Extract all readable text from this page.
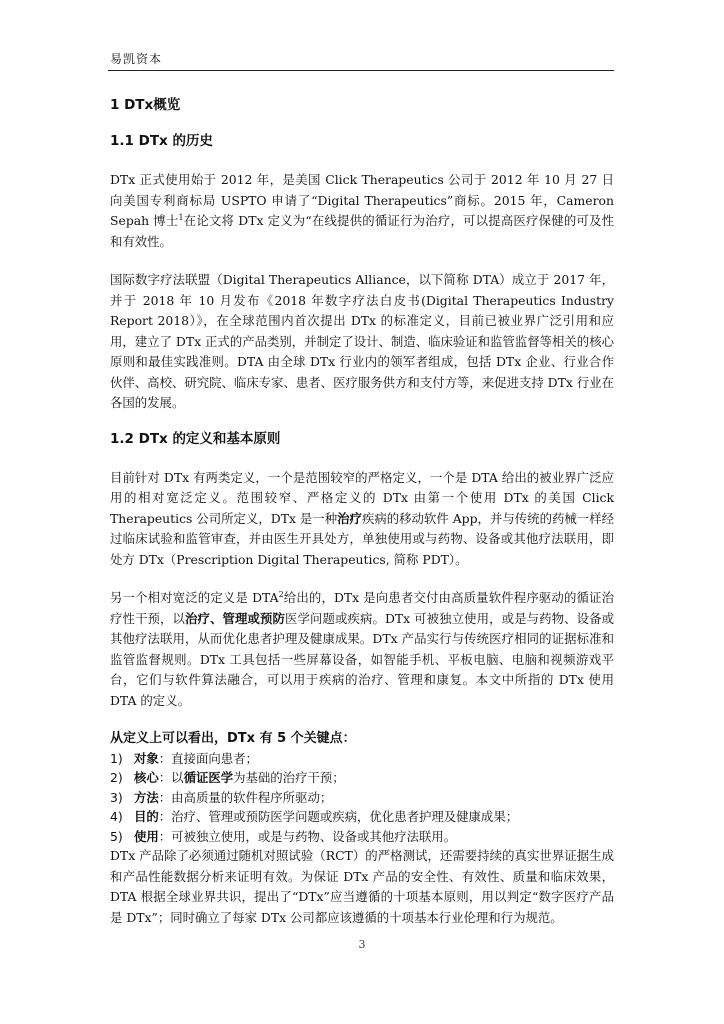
易凯资本
1 DTx概览
1.1 DTx 的历史

DTx 正式使用始于 2012 年，是美国 Click Therapeutics 公司于 2012 年 10 月 27 日向美国专利商标局 USPTO 申请了“Digital Therapeutics”商标。2015 年，Cameron Sepah 博士$^1$在论文将 DTx 定义为“在线提供的循证行为治疗，可以提高医疗保健的可及性和有效性。

国际数字疗法联盟（Digital Therapeutics Alliance，以下简称 DTA）成立于 2017 年，并于 2018 年 10 月发布《2018 年数字疗法白皮书(Digital Therapeutics Industry Report 2018）》，在全球范围内首次提出 DTx 的标准定义，目前已被业界广泛引用和应用，建立了 DTx 正式的产品类别，并制定了设计、制造、临床验证和监管监督等相关的核心原则和最佳实践准则。DTA 由全球 DTx 行业内的领军者组成，包括 DTx 企业、行业合作伙伴、高校、研究院、临床专家、患者、医疗服务供方和支付方等，来促进支持 DTx 行业在各国的发展。

1.2 DTx 的定义和基本原则

目前针对 DTx 有两类定义，一个是范围较窄的严格定义，一个是 DTA 给出的被业界广泛应用的相对宽泛定义。范围较窄、严格定义的 DTx 由第一个使用 DTx 的美国 Click Therapeutics 公司所定义，DTx 是一种治疗疾病的移动软件 App，并与传统的药械一样经过临床试验和监管审查，并由医生开具处方，单独使用或与药物、设备或其他疗法联用，即处方 DTx（Prescription Digital Therapeutics, 简称 PDT）。

另一个相对宽泛的定义是 DTA$^2$给出的，DTx 是向患者交付由高质量软件程序驱动的循证治疗性干预，以治疗、管理或预防医学问题或疾病。DTx 可被独立使用，或是与药物、设备或其他疗法联用，从而优化患者护理及健康成果。DTx 产品实行与传统医疗相同的证据标准和监管监督规则。DTx 工具包括一些屏幕设备，如智能手机、平板电脑、电脑和视频游戏平台，它们与软件算法融合，可以用于疾病的治疗、管理和康复。本文中所指的 DTx 使用 DTA 的定义。

从定义上可以看出，DTx 有 5 个关键点：
1) 对象：直接面向患者；
2) 核心：以循证医学为基础的治疗干预；
3) 方法：由高质量的软件程序所驱动；
4) 目的：治疗、管理或预防医学问题或疾病，优化患者护理及健康成果；
5) 使用：可被独立使用，或是与药物、设备或其他疗法联用。

DTx 产品除了必须通过随机对照试验（RCT）的严格测试，还需要持续的真实世界证据生成和产品性能数据分析来证明有效。为保证 DTx 产品的安全性、有效性、质量和临床效果，DTA 根据全球业界共识，提出了“DTx”应当遵循的十项基本原则，用以判定“数字医疗产品是 DTx”；同时确立了每家 DTx 公司都应该遵循的十项基本行业伦理和行为规范。

3
